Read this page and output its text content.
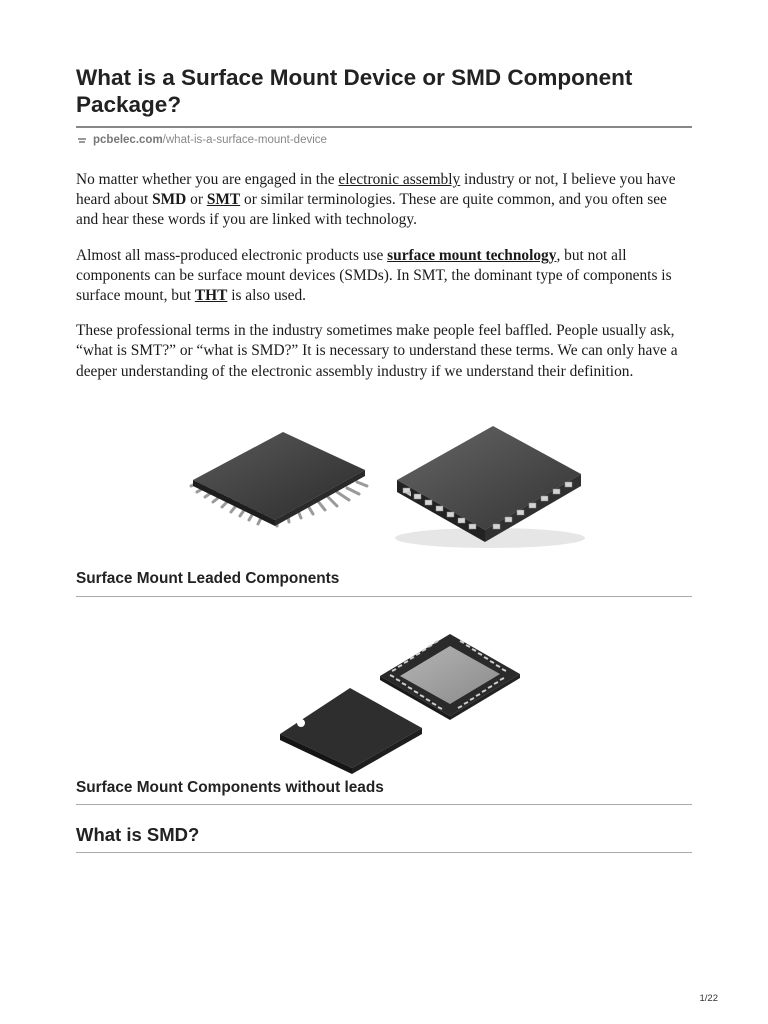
What is a Surface Mount Device or SMD Component Package?
pcbelec.com /what-is-a-surface-mount-device

No matter whether you are engaged in the electronic assembly industry or not, I believe you have heard about SMD or SMT or similar terminologies. These are quite common, and you often see and hear these words if you are linked with technology.

Almost all mass-produced electronic products use surface mount technology, but not all components can be surface mount devices (SMDs). In SMT, the dominant type of components is surface mount, but THT is also used.

These professional terms in the industry sometimes make people feel baffled. People usually ask, “what is SMT?” or “what is SMD?” It is necessary to understand these terms. We can only have a deeper understanding of the electronic assembly industry if we understand their definition.

Surface Mount Leaded Components
Surface Mount Components without leads
What is SMD?
1/22
